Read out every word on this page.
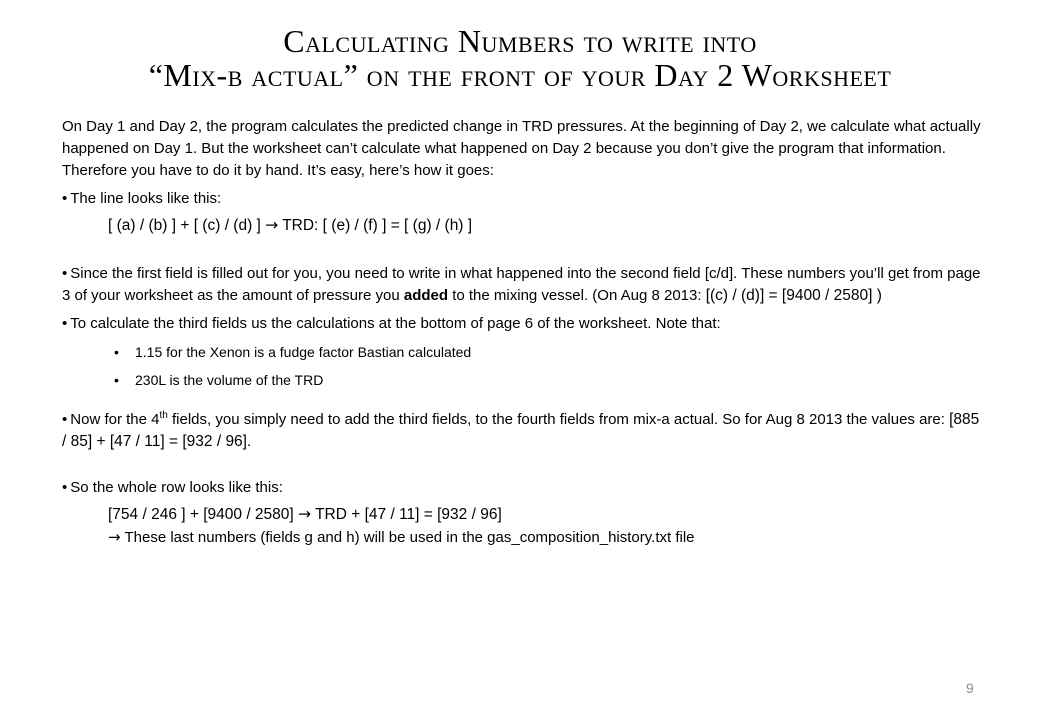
Calculating Numbers to write into
“Mix-b actual” on the front of your Day 2 Worksheet

On Day 1 and Day 2, the program calculates the predicted change in TRD pressures. At the beginning of Day 2, we calculate what actually happened on Day 1. But the worksheet can’t calculate what happened on Day 2 because you don’t give the program that information. Therefore you have to do it by hand. It’s easy, here’s how it goes:

• The line looks like this:

[ (a) / (b) ] + [ (c) / (d) ] → TRD: [ (e) / (f) ] = [ (g) / (h) ]

• Since the first field is filled out for you, you need to write in what happened into the second field [c/d]. These numbers you’ll get from page 3 of your worksheet as the amount of pressure you added to the mixing vessel. (On Aug 8 2013: [(c) / (d)] = [9400 / 2580] )

• To calculate the third fields us the calculations at the bottom of page 6 of the worksheet. Note that:

• 1.15 for the Xenon is a fudge factor Bastian calculated

• 230L is the volume of the TRD

• Now for the 4th fields, you simply need to add the third fields, to the fourth fields from mix-a actual. So for Aug 8 2013 the values are: [885 / 85] + [47 / 11] = [932 / 96].

• So the whole row looks like this:

[754 / 246 ] + [9400 / 2580] → TRD + [47 / 11] = [932 / 96]

→ These last numbers (fields g and h) will be used in the gas_composition_history.txt file

9
